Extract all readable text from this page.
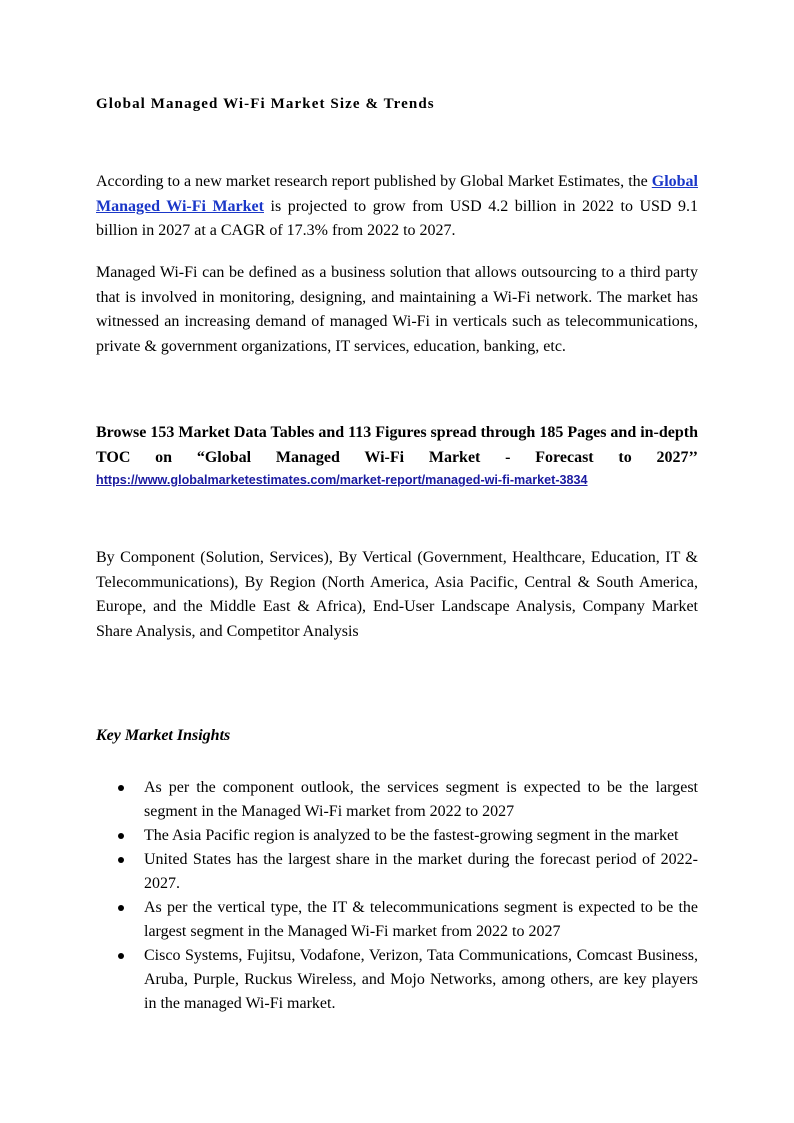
Global Managed Wi-Fi Market Size & Trends

According to a new market research report published by Global Market Estimates, the Global Managed Wi-Fi Market is projected to grow from USD 4.2 billion in 2022 to USD 9.1 billion in 2027 at a CAGR of 17.3% from 2022 to 2027.

Managed Wi-Fi can be defined as a business solution that allows outsourcing to a third party that is involved in monitoring, designing, and maintaining a Wi-Fi network. The market has witnessed an increasing demand of managed Wi-Fi in verticals such as telecommunications, private & government organizations, IT services, education, banking, etc.

Browse 153 Market Data Tables and 113 Figures spread through 185 Pages and in-depth TOC on “Global Managed Wi-Fi Market - Forecast to 2027’’

https://www.globalmarketestimates.com/market-report/managed-wi-fi-market-3834

By Component (Solution, Services), By Vertical (Government, Healthcare, Education, IT & Telecommunications), By Region (North America, Asia Pacific, Central & South America, Europe, and the Middle East & Africa), End-User Landscape Analysis, Company Market Share Analysis, and Competitor Analysis

Key Market Insights
As per the component outlook, the services segment is expected to be the largest segment in the Managed Wi-Fi market from 2022 to 2027
The Asia Pacific region is analyzed to be the fastest-growing segment in the market
United States has the largest share in the market during the forecast period of 2022-2027.
As per the vertical type, the IT & telecommunications segment is expected to be the largest segment in the Managed Wi-Fi market from 2022 to 2027
Cisco Systems, Fujitsu, Vodafone, Verizon, Tata Communications, Comcast Business, Aruba, Purple, Ruckus Wireless, and Mojo Networks, among others, are key players in the managed Wi-Fi market.
